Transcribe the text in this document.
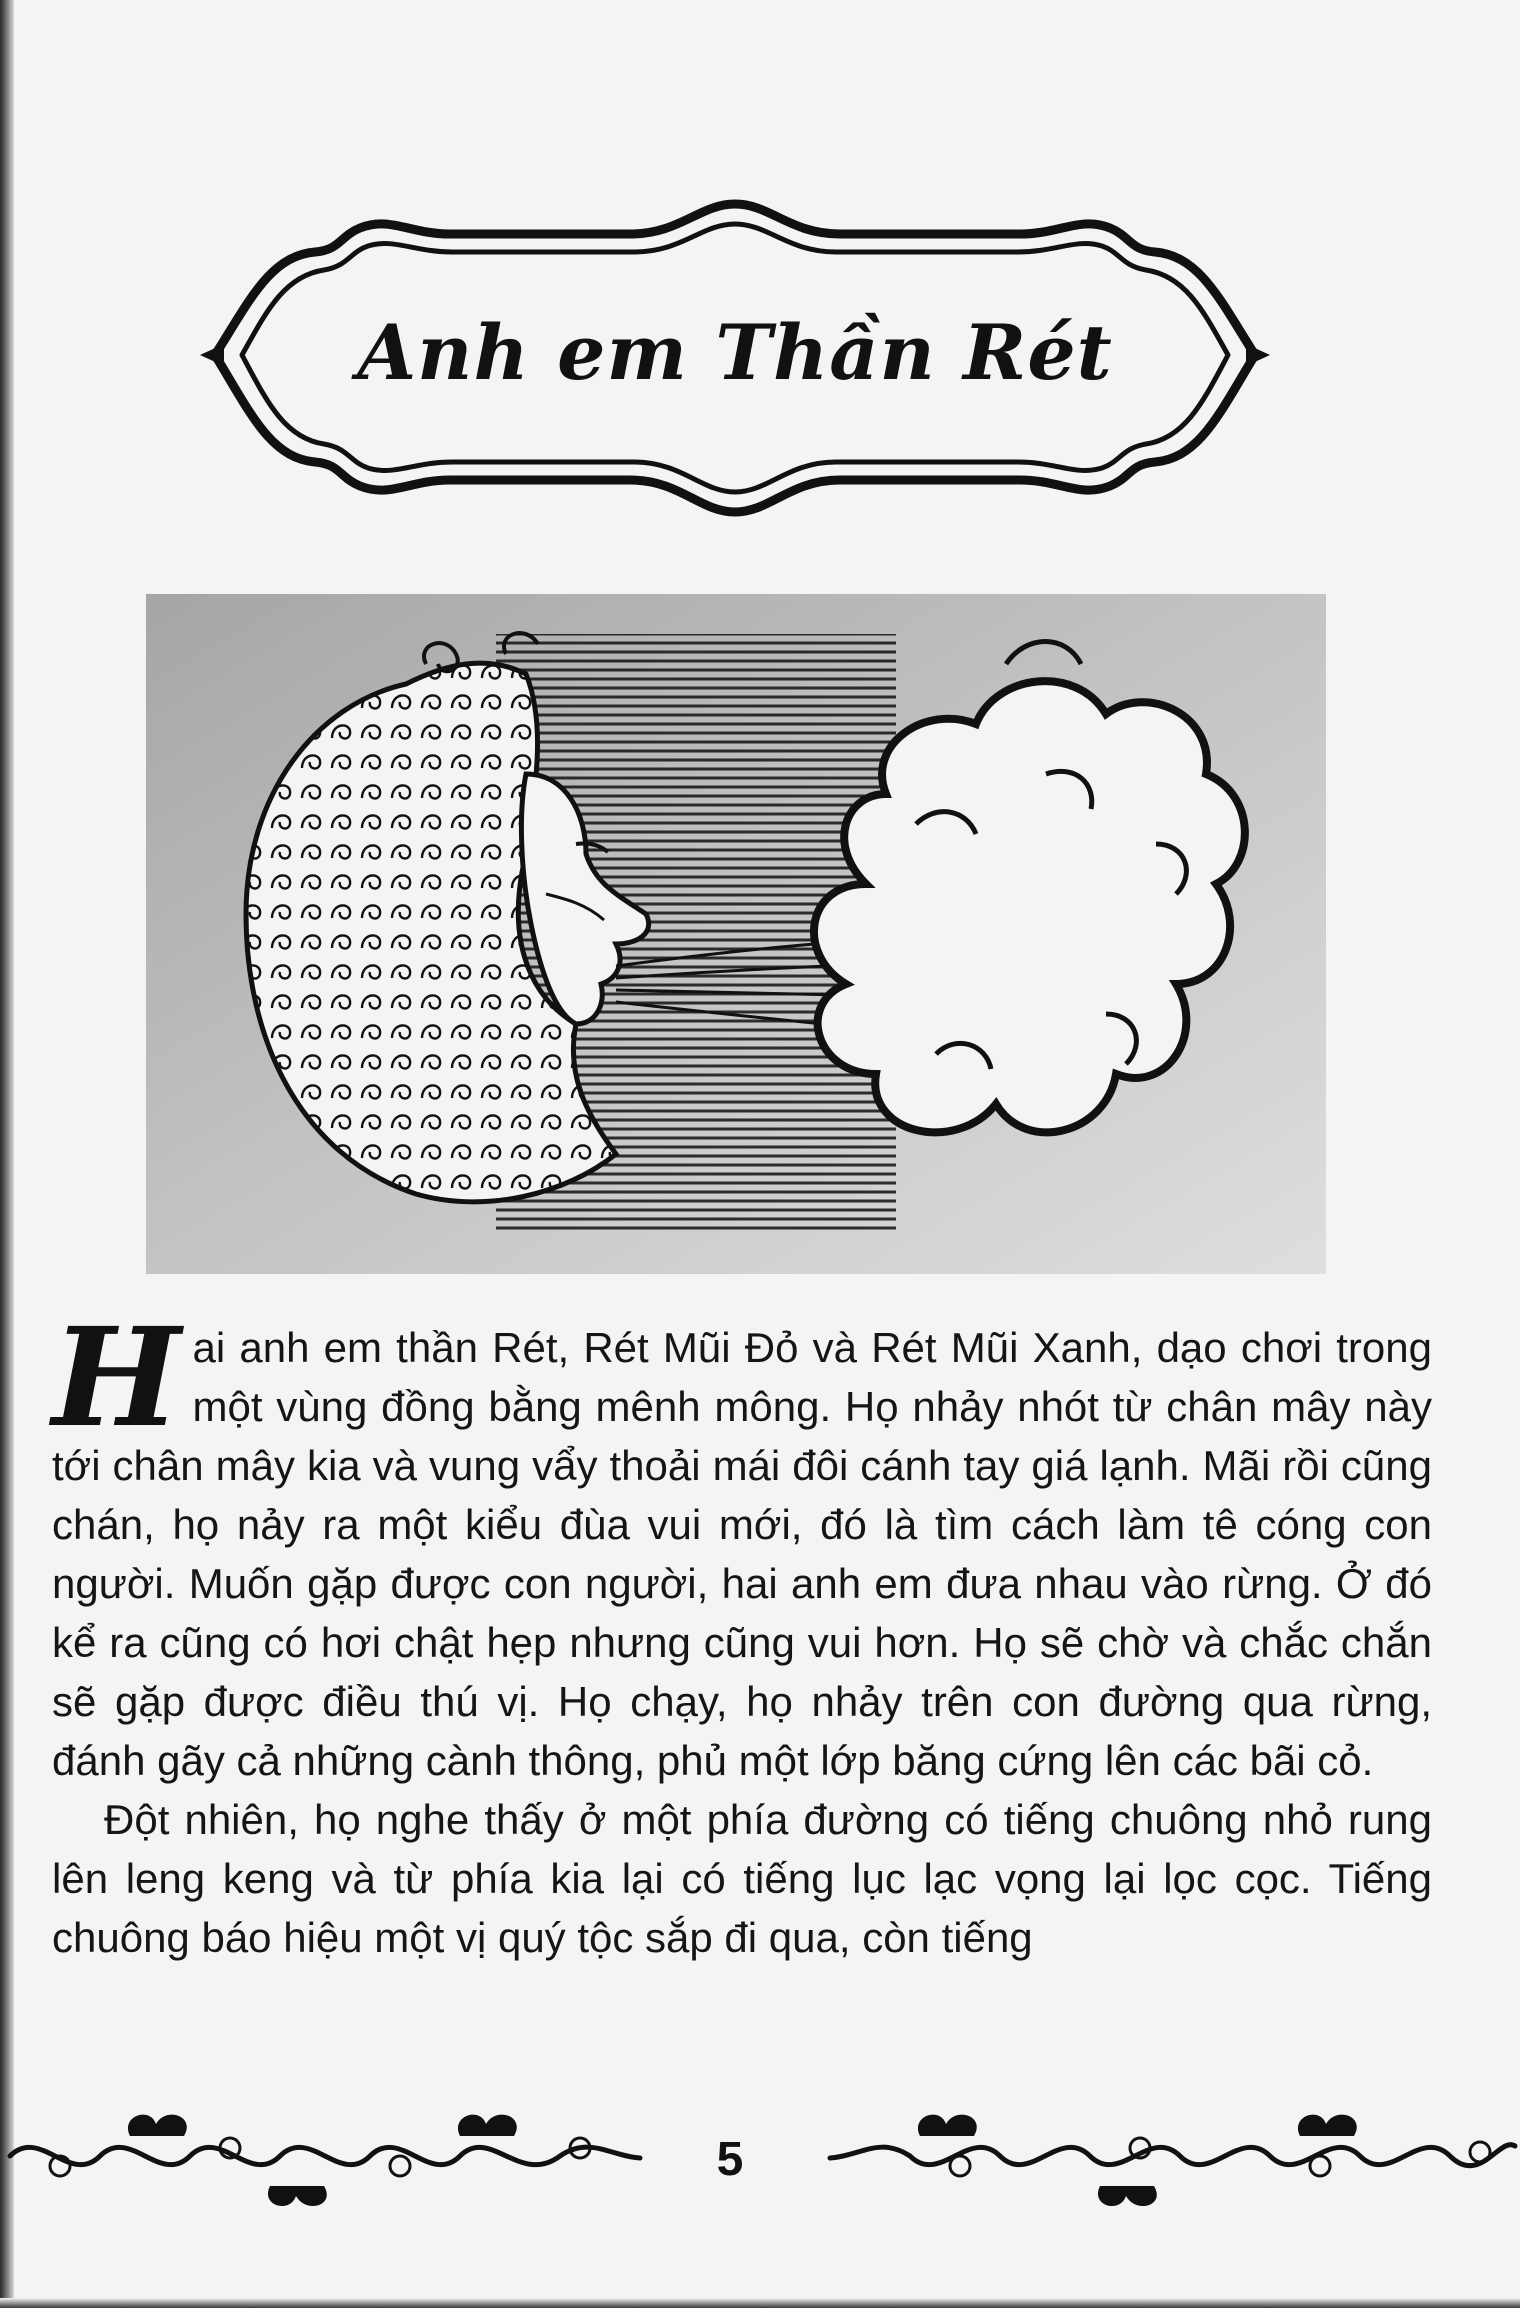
Anh em Thần Rét

Hai anh em thần Rét, Rét Mũi Đỏ và Rét Mũi Xanh, dạo chơi trong một vùng đồng bằng mênh mông. Họ nhảy nhót từ chân mây này tới chân mây kia và vung vẩy thoải mái đôi cánh tay giá lạnh. Mãi rồi cũng chán, họ nảy ra một kiểu đùa vui mới, đó là tìm cách làm tê cóng con người. Muốn gặp được con người, hai anh em đưa nhau vào rừng. Ở đó kể ra cũng có hơi chật hẹp nhưng cũng vui hơn. Họ sẽ chờ và chắc chắn sẽ gặp được điều thú vị. Họ chạy, họ nhảy trên con đường qua rừng, đánh gãy cả những cành thông, phủ một lớp băng cứng lên các bãi cỏ.

Đột nhiên, họ nghe thấy ở một phía đường có tiếng chuông nhỏ rung lên leng keng và từ phía kia lại có tiếng lục lạc vọng lại lọc cọc. Tiếng chuông báo hiệu một vị quý tộc sắp đi qua, còn tiếng

5
